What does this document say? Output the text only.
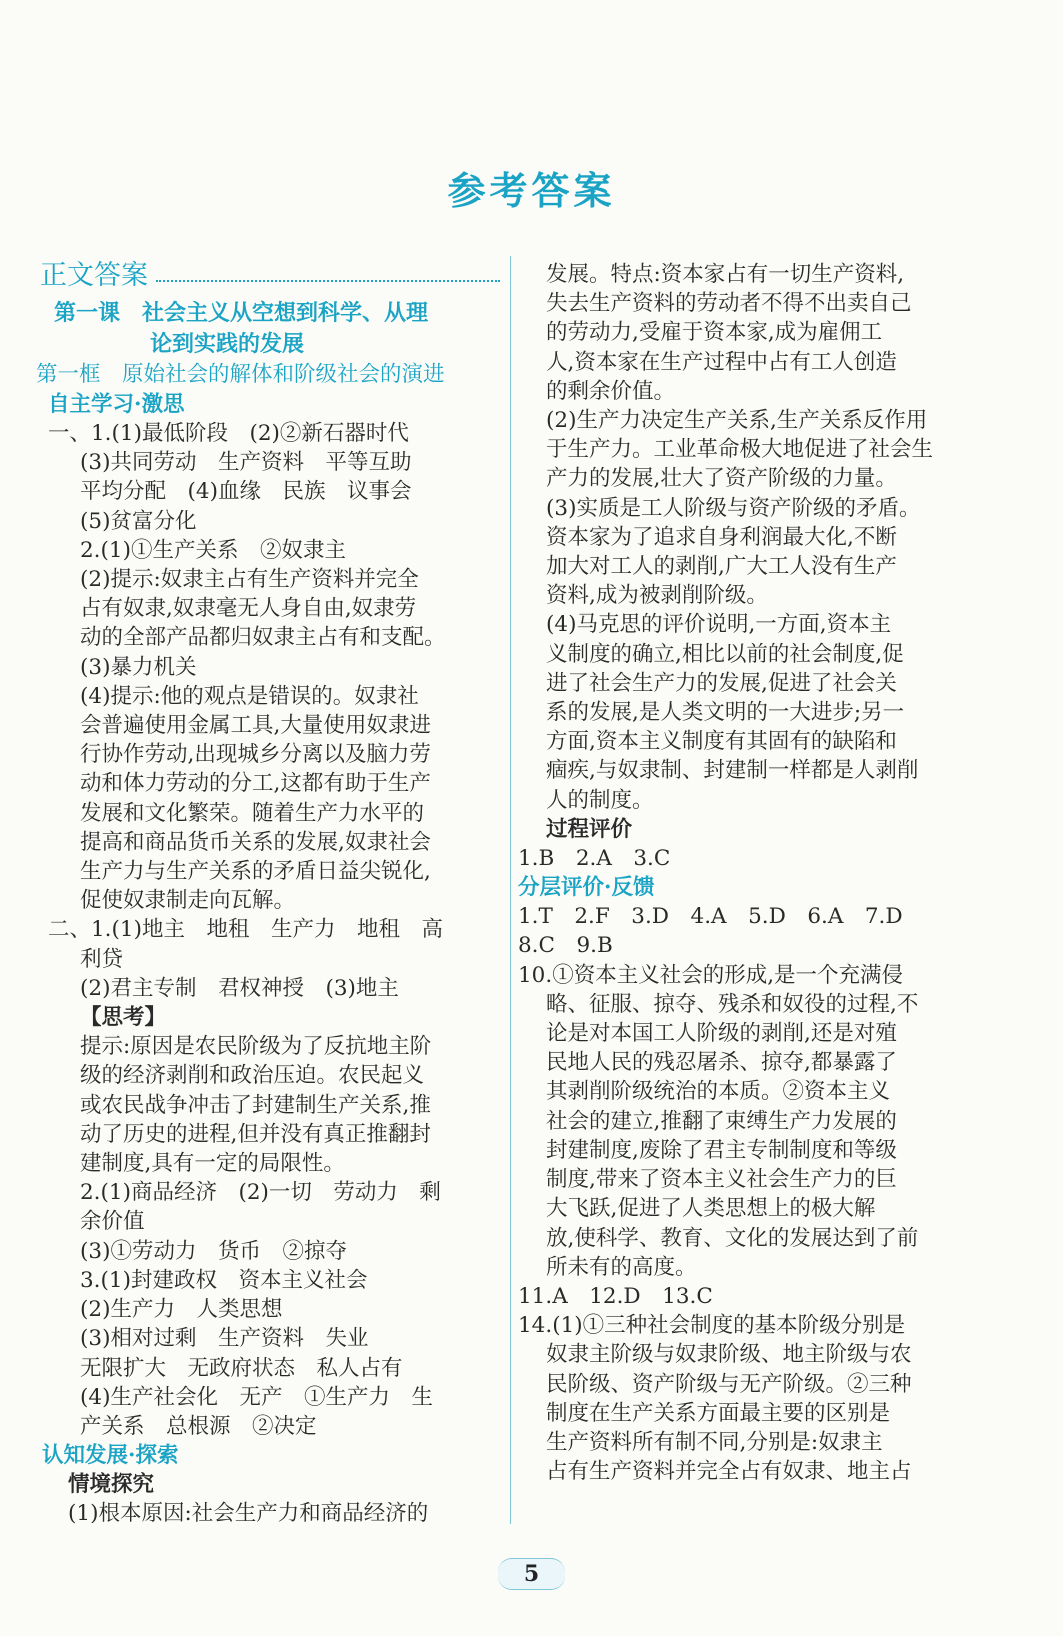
参考答案
正文答案
第一课　社会主义从空想到科学、从理
论到实践的发展
第一框　原始社会的解体和阶级社会的演进
自主学习·激思
一、1.(1)最低阶段　(2)②新石器时代
(3)共同劳动　生产资料　平等互助
平均分配　(4)血缘　民族　议事会
(5)贫富分化
2.(1)①生产关系　②奴隶主
(2)提示:奴隶主占有生产资料并完全
占有奴隶,奴隶毫无人身自由,奴隶劳
动的全部产品都归奴隶主占有和支配。
(3)暴力机关
(4)提示:他的观点是错误的。奴隶社
会普遍使用金属工具,大量使用奴隶进
行协作劳动,出现城乡分离以及脑力劳
动和体力劳动的分工,这都有助于生产
发展和文化繁荣。随着生产力水平的
提高和商品货币关系的发展,奴隶社会
生产力与生产关系的矛盾日益尖锐化,
促使奴隶制走向瓦解。
二、1.(1)地主　地租　生产力　地租　高
利贷
(2)君主专制　君权神授　(3)地主
【思考】
提示:原因是农民阶级为了反抗地主阶
级的经济剥削和政治压迫。农民起义
或农民战争冲击了封建制生产关系,推
动了历史的进程,但并没有真正推翻封
建制度,具有一定的局限性。
2.(1)商品经济　(2)一切　劳动力　剩
余价值
(3)①劳动力　货币　②掠夺
3.(1)封建政权　资本主义社会
(2)生产力　人类思想
(3)相对过剩　生产资料　失业
无限扩大　无政府状态　私人占有
(4)生产社会化　无产　①生产力　生
产关系　总根源　②决定
认知发展·探索
情境探究
(1)根本原因:社会生产力和商品经济的
发展。特点:资本家占有一切生产资料,
失去生产资料的劳动者不得不出卖自己
的劳动力,受雇于资本家,成为雇佣工
人,资本家在生产过程中占有工人创造
的剩余价值。
(2)生产力决定生产关系,生产关系反作用
于生产力。工业革命极大地促进了社会生
产力的发展,壮大了资产阶级的力量。
(3)实质是工人阶级与资产阶级的矛盾。
资本家为了追求自身利润最大化,不断
加大对工人的剥削,广大工人没有生产
资料,成为被剥削阶级。
(4)马克思的评价说明,一方面,资本主
义制度的确立,相比以前的社会制度,促
进了社会生产力的发展,促进了社会关
系的发展,是人类文明的一大进步;另一
方面,资本主义制度有其固有的缺陷和
痼疾,与奴隶制、封建制一样都是人剥削
人的制度。
过程评价
1.B　2.A　3.C
分层评价·反馈
1.T　2.F　3.D　4.A　5.D　6.A　7.D
8.C　9.B
10.①资本主义社会的形成,是一个充满侵
略、征服、掠夺、残杀和奴役的过程,不
论是对本国工人阶级的剥削,还是对殖
民地人民的残忍屠杀、掠夺,都暴露了
其剥削阶级统治的本质。②资本主义
社会的建立,推翻了束缚生产力发展的
封建制度,废除了君主专制制度和等级
制度,带来了资本主义社会生产力的巨
大飞跃,促进了人类思想上的极大解
放,使科学、教育、文化的发展达到了前
所未有的高度。
11.A　12.D　13.C
14.(1)①三种社会制度的基本阶级分别是
奴隶主阶级与奴隶阶级、地主阶级与农
民阶级、资产阶级与无产阶级。②三种
制度在生产关系方面最主要的区别是
生产资料所有制不同,分别是:奴隶主
占有生产资料并完全占有奴隶、地主占
5
